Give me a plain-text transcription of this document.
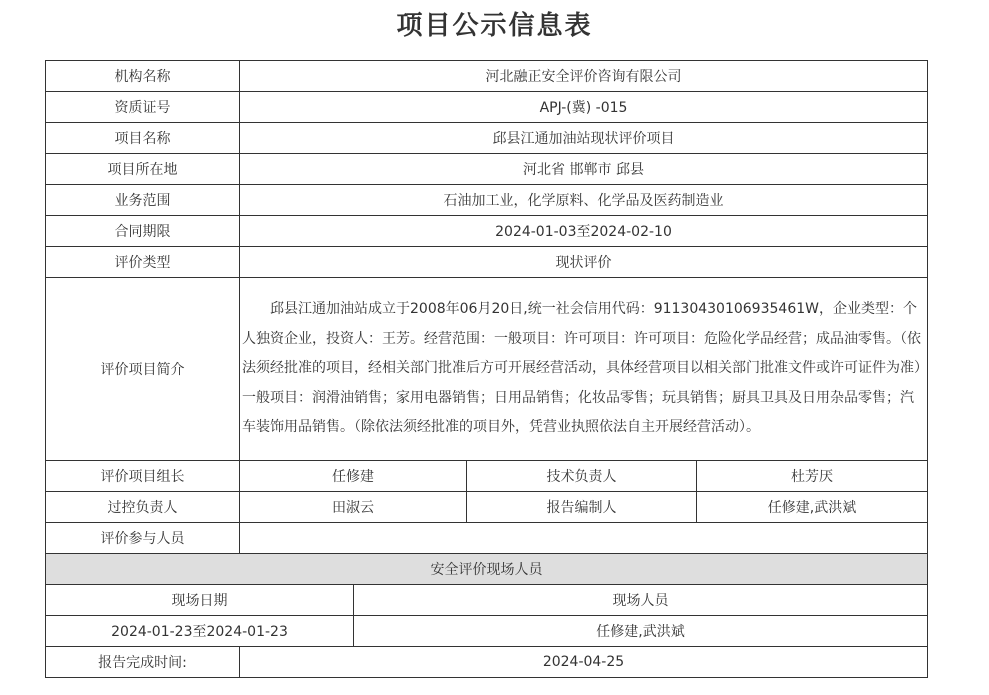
项目公示信息表
机构名称	河北融正安全评价咨询有限公司			
资质证号	APJ-(冀) -015			
项目名称	邱县江通加油站现状评价项目			
项目所在地	河北省 邯郸市 邱县			
业务范围	石油加工业，化学原料、化学品及医药制造业			
合同期限	2024-01-03至2024-02-10			
评价类型	现状评价			
评价项目简介	邱县江通加油站成立于2008年06月20日,统一社会信用代码：91130430106935461W，企业类型：个人独资企业，投资人：王芳。经营范围：一般项目：许可项目：许可项目：危险化学品经营；成品油零售。（依法须经批准的项目，经相关部门批准后方可开展经营活动，具体经营项目以相关部门批准文件或许可证件为准）一般项目：润滑油销售；家用电器销售；日用品销售；化妆品零售；玩具销售；厨具卫具及日用杂品零售；汽车装饰用品销售。（除依法须经批准的项目外，凭营业执照依法自主开展经营活动）。			

评价项目组长	任修建		技术负责人	杜芳厌
过控负责人	田淑云		报告编制人	任修建,武洪斌
评价参与人员				
安全评价现场人员				
现场日期		现场人员		
2024-01-23至2024-01-23		任修建,武洪斌		
报告完成时间:	2024-04-25			
